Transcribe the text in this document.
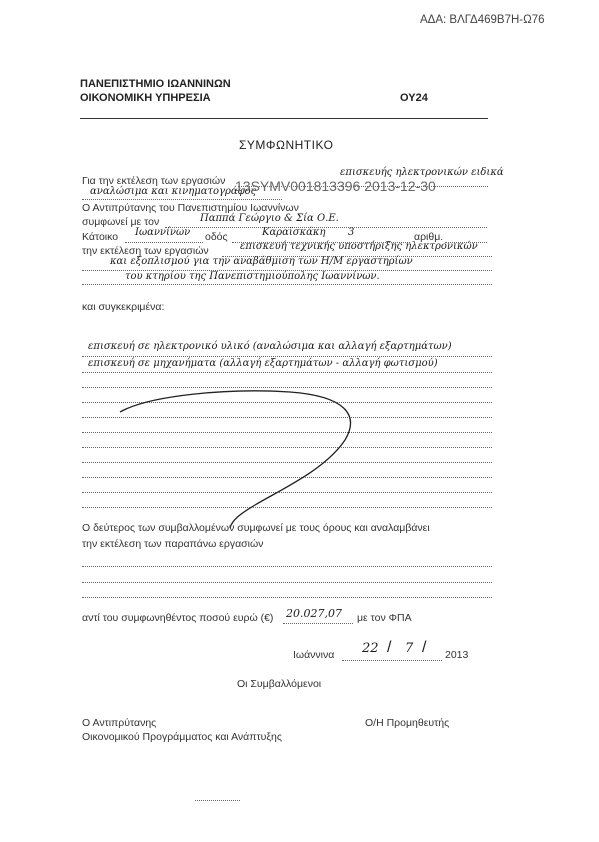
ΑΔΑ: ΒΛΓΔ469Β7Η-Ω76
ΠΑΝΕΠΙΣΤΗΜΙΟ ΙΩΑΝΝΙΝΩΝ
ΟΙΚΟΝΟΜΙΚΗ ΥΠΗΡΕΣΙΑ	ΟΥ24
ΣΥΜΦΩΝΗΤΙΚΟ
Για την εκτέλεση των εργασιών
επισκευής ηλεκτρονικών ειδικά
αναλώσιμα και κινηματογράφος
13SYMV001813396 2013-12-30
Ο Αντιπρύτανης του Πανεπιστημίου Ιωαννίνων
συμφωνεί με τον	Παππά Γεώργιο & Σία Ο.Ε.
Κάτοικο Ιωαννίνων οδός	Καραϊσκάκη 3	αριθμ.
την εκτέλεση των εργασιών	επισκευή τεχνικής υποστήριξης ηλεκτρονικών
και εξοπλισμού για την αναβάθμιση των Η/Μ εργαστηρίων
του κτηρίου της Πανεπιστημιούπολης Ιωαννίνων.
και συγκεκριμένα:
επισκευή σε ηλεκτρονικό υλικό (αναλώσιμα και αλλαγή εξαρτημάτων)
επισκευή σε μηχανήματα (αλλαγή εξαρτημάτων - αλλαγή φωτισμού)
Ο δεύτερος των συμβαλλομένων συμφωνεί με τους όρους και αναλαμβάνει
την εκτέλεση των παραπάνω εργασιών
αντί του συμφωνηθέντος ποσού ευρώ (€) 20.027,07 με τον ΦΠΑ
Ιωάννινα 22 / 7 / 2013
Οι Συμβαλλόμενοι
Ο Αντιπρύτανης
Οικονομικού Προγράμματος και Ανάπτυξης
Ο/Η Προμηθευτής
